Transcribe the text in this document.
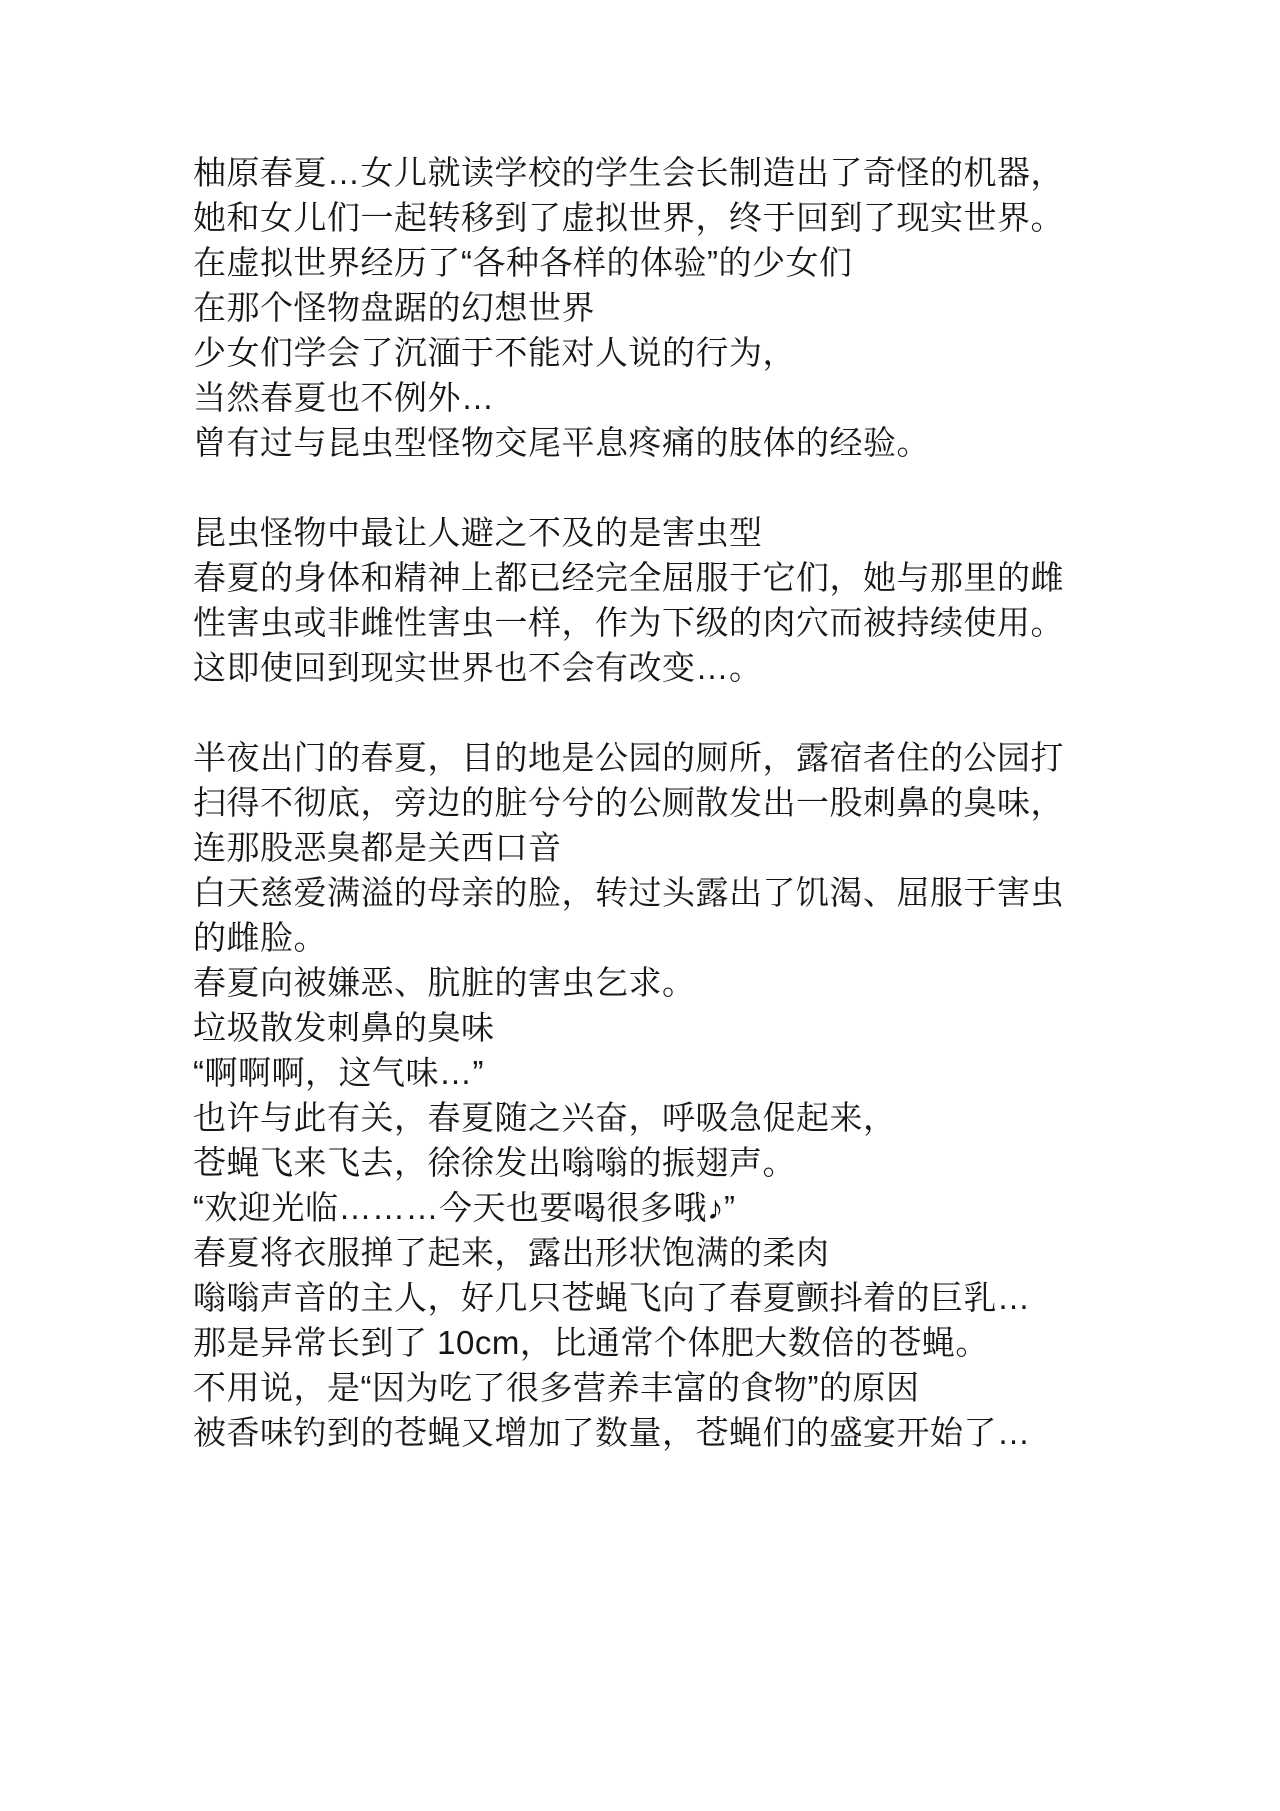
柚原春夏…女儿就读学校的学生会长制造出了奇怪的机器，
她和女儿们一起转移到了虚拟世界，终于回到了现实世界。
在虚拟世界经历了“各种各样的体验”的少女们
在那个怪物盘踞的幻想世界
少女们学会了沉湎于不能对人说的行为，
当然春夏也不例外…
曾有过与昆虫型怪物交尾平息疼痛的肢体的经验。
昆虫怪物中最让人避之不及的是害虫型
春夏的身体和精神上都已经完全屈服于它们，她与那里的雌
性害虫或非雌性害虫一样，作为下级的肉穴而被持续使用。
这即使回到现实世界也不会有改变…。
半夜出门的春夏，目的地是公园的厕所，露宿者住的公园打
扫得不彻底，旁边的脏兮兮的公厕散发出一股刺鼻的臭味，
连那股恶臭都是关西口音
白天慈爱满溢的母亲的脸，转过头露出了饥渴、屈服于害虫
的雌脸。
春夏向被嫌恶、肮脏的害虫乞求。
垃圾散发刺鼻的臭味
“啊啊啊，这气味…”
也许与此有关，春夏随之兴奋，呼吸急促起来，
苍蝇飞来飞去，徐徐发出嗡嗡的振翅声。
“欢迎光临………今天也要喝很多哦♪”
春夏将衣服掸了起来，露出形状饱满的柔肉
嗡嗡声音的主人，好几只苍蝇飞向了春夏颤抖着的巨乳…
那是异常长到了 10cm，比通常个体肥大数倍的苍蝇。
不用说，是“因为吃了很多营养丰富的食物”的原因
被香味钓到的苍蝇又增加了数量，苍蝇们的盛宴开始了…
